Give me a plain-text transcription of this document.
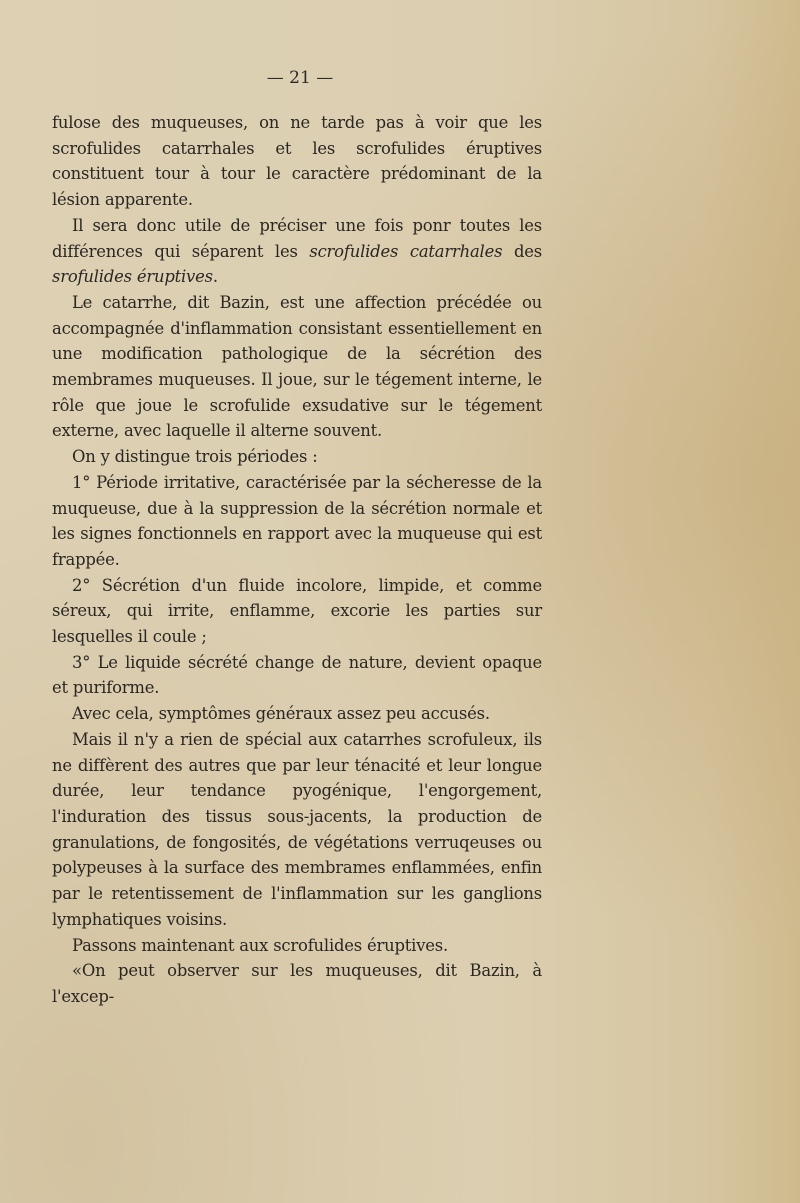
— 21 —

fulose des muqueuses, on ne tarde pas à voir que les scrofulides catarrhales et les scrofulides éruptives constituent tour à tour le caractère prédominant de la lésion apparente.

Il sera donc utile de préciser une fois ponr toutes les différences qui séparent les scrofulides catarrhales des srofulides éruptives.

Le catarrhe, dit Bazin, est une affection précédée ou accompagnée d'inflammation consistant essentiellement en une modification pathologique de la sécrétion des membrames muqueuses. Il joue, sur le tégement interne, le rôle que joue le scrofulide exsudative sur le tégement externe, avec laquelle il alterne souvent.

On y distingue trois périodes :

1° Période irritative, caractérisée par la sécheresse de la muqueuse, due à la suppression de la sécrétion normale et les signes fonctionnels en rapport avec la muqueuse qui est frappée.

2° Sécrétion d'un fluide incolore, limpide, et comme séreux, qui irrite, enflamme, excorie les parties sur lesquelles il coule ;

3° Le liquide sécrété change de nature, devient opaque et puriforme.

Avec cela, symptômes généraux assez peu accusés.

Mais il n'y a rien de spécial aux catarrhes scrofuleux, ils ne diffèrent des autres que par leur ténacité et leur longue durée, leur tendance pyogénique, l'engorgement, l'induration des tissus sous-jacents, la production de granulations, de fongosités, de végétations verruqeuses ou polypeuses à la surface des membrames enflammées, enfin par le retentissement de l'inflammation sur les ganglions lymphatiques voisins.

Passons maintenant aux scrofulides éruptives.

«On peut observer sur les muqueuses, dit Bazin, à l'excep-
